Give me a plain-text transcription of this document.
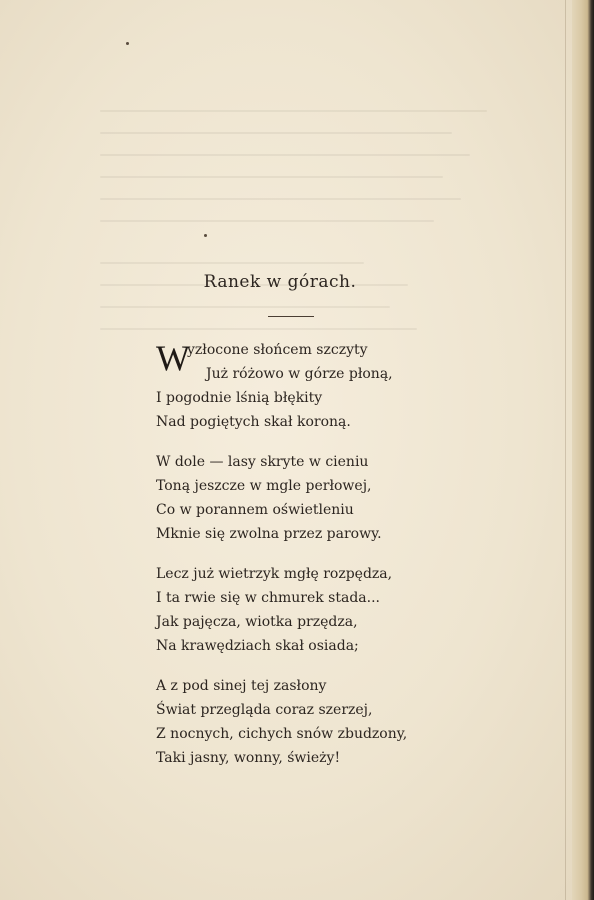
Ranek w górach.
W
yzłocone słońcem szczyty
Już różowo w górze płoną,
I pogodnie lśnią błękity
Nad pogiętych skał koroną.
W dole — lasy skryte w cieniu
Toną jeszcze w mgle perłowej,
Co w porannem oświetleniu
Mknie się zwolna przez parowy.
Lecz już wietrzyk mgłę rozpędza,
I ta rwie się w chmurek stada...
Jak pajęcza, wiotka przędza,
Na krawędziach skał osiada;
A z pod sinej tej zasłony
Świat przegląda coraz szerzej,
Z nocnych, cichych snów zbudzony,
Taki jasny, wonny, świeży!
